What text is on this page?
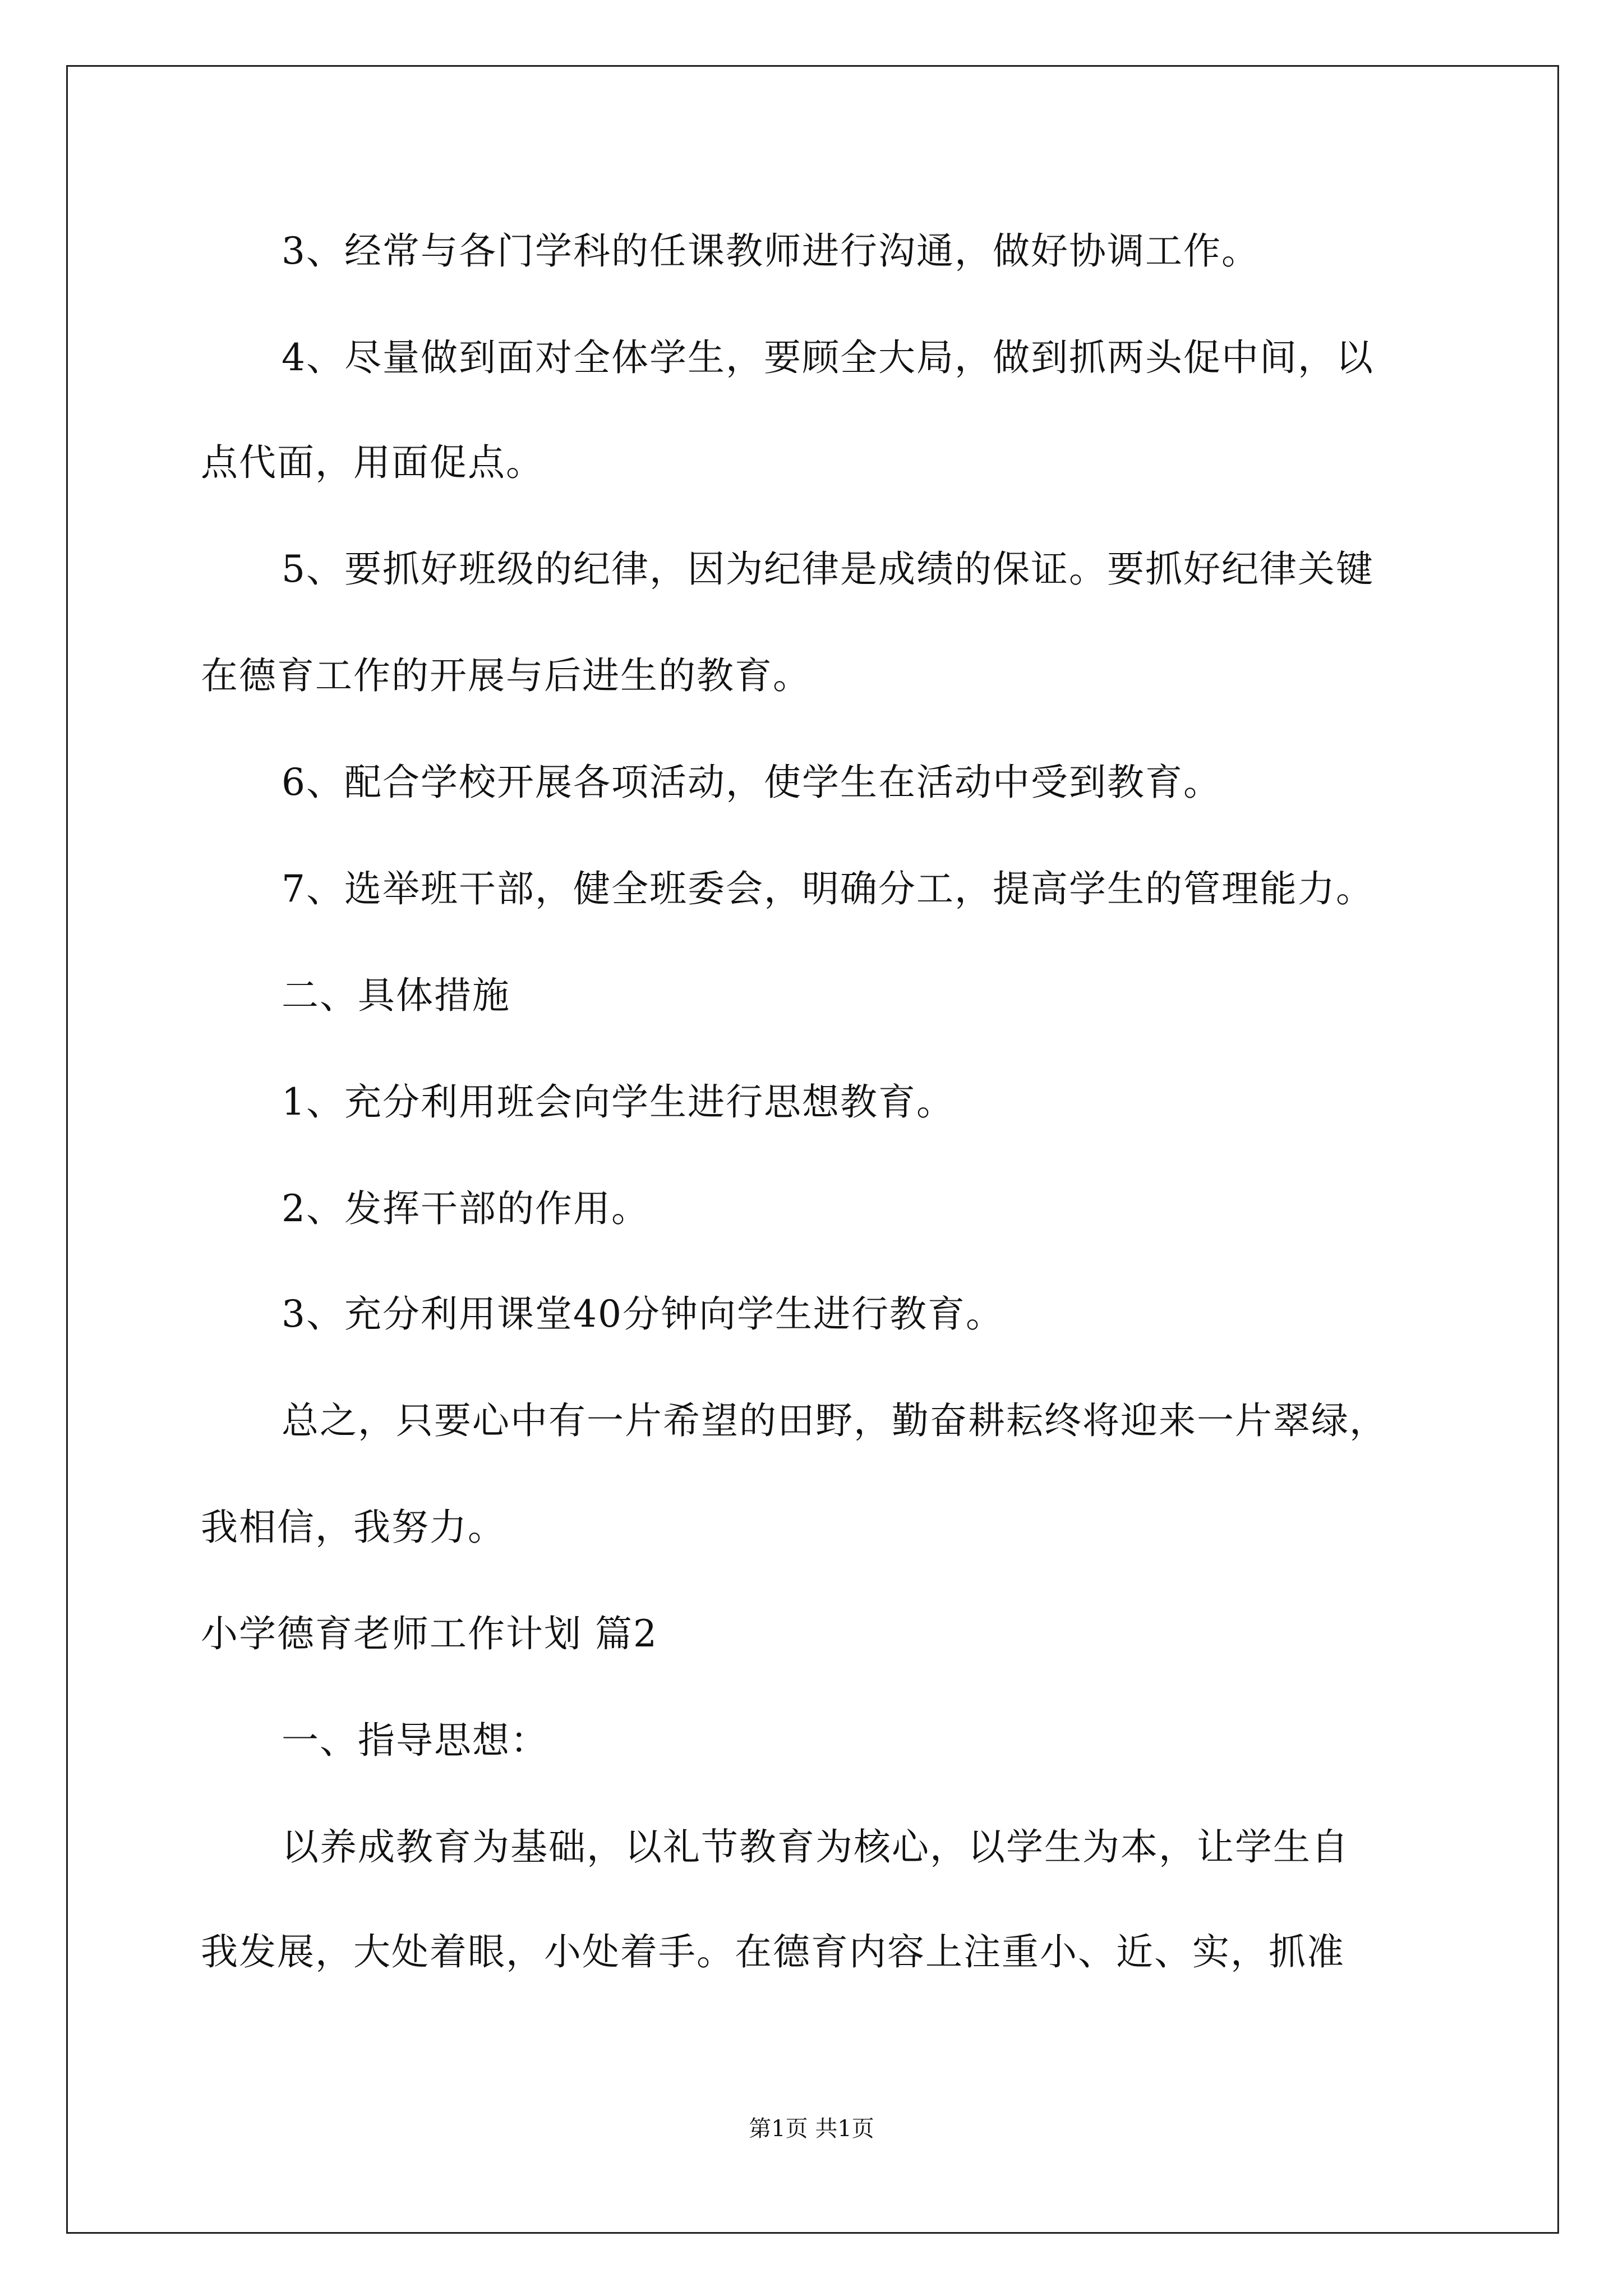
3、经常与各门学科的任课教师进行沟通，做好协调工作。
4、尽量做到面对全体学生，要顾全大局，做到抓两头促中间，以
点代面，用面促点。
5、要抓好班级的纪律，因为纪律是成绩的保证。要抓好纪律关键
在德育工作的开展与后进生的教育。
6、配合学校开展各项活动，使学生在活动中受到教育。
7、选举班干部，健全班委会，明确分工，提高学生的管理能力。
二、具体措施
1、充分利用班会向学生进行思想教育。
2、发挥干部的作用。
3、充分利用课堂40分钟向学生进行教育。
总之，只要心中有一片希望的田野，勤奋耕耘终将迎来一片翠绿，
我相信，我努力。
小学德育老师工作计划 篇2
一、指导思想：
以养成教育为基础，以礼节教育为核心，以学生为本，让学生自
我发展，大处着眼，小处着手。在德育内容上注重小、近、实，抓准
第1页 共1页
